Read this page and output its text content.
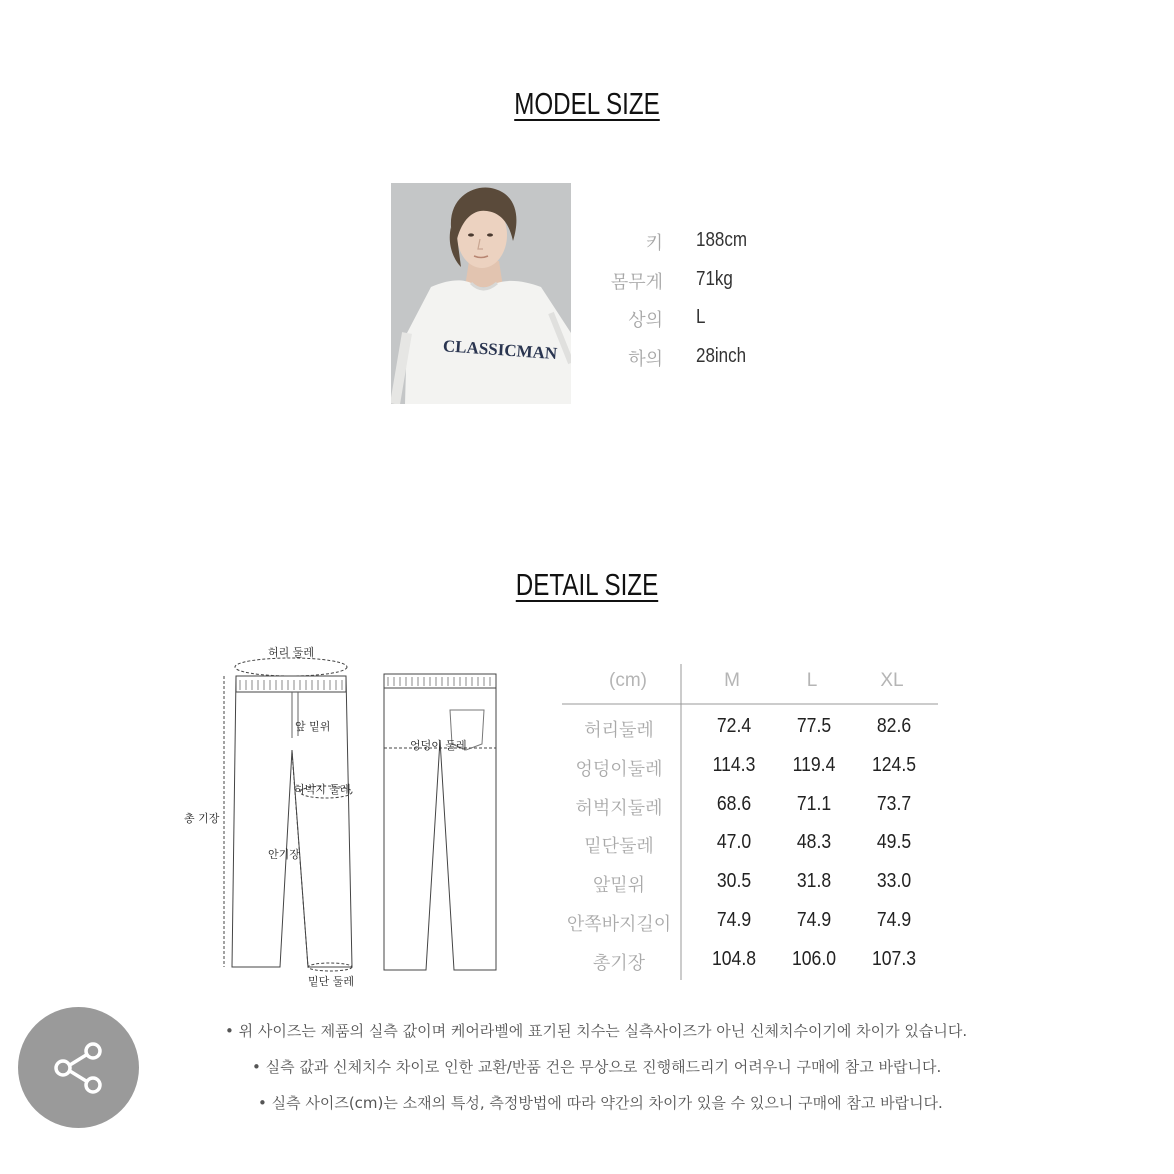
MODEL SIZE
CLASSICMAN
키 188cm
몸무게 71kg
상의 L
하의 28inch
DETAIL SIZE
허리 둘레
앞 밑위
엉덩이 둘레
허벅지 둘레
총 기장
안기장
밑단 둘레
(cm)	M	L	XL
허리둘레	72.4	77.5	82.6
엉덩이둘레	114.3	119.4	124.5
허벅지둘레	68.6	71.1	73.7
밑단둘레	47.0	48.3	49.5
앞밑위	30.5	31.8	33.0
안쪽바지길이	74.9	74.9	74.9
총기장	104.8	106.0	107.3
• 위 사이즈는 제품의 실측 값이며 케어라벨에 표기된 치수는 실측사이즈가 아닌 신체치수이기에 차이가 있습니다.
• 실측 값과 신체치수 차이로 인한 교환/반품 건은 무상으로 진행해드리기 어려우니 구매에 참고 바랍니다.
• 실측 사이즈(cm)는 소재의 특성, 측정방법에 따라 약간의 차이가 있을 수 있으니 구매에 참고 바랍니다.
